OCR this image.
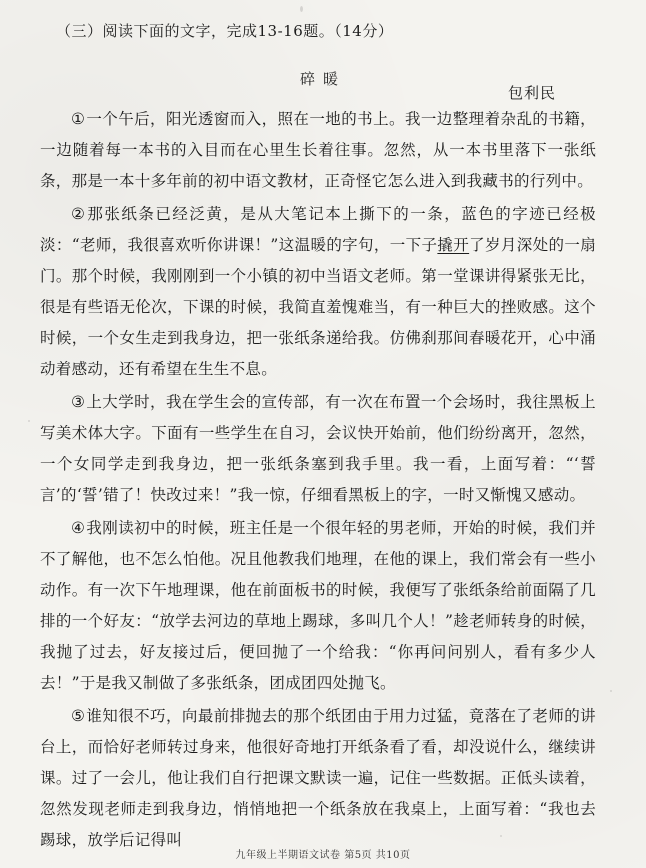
（三）阅读下面的文字，完成13-16题。（14分）
碎暖
包利民

①一个午后，阳光透窗而入，照在一地的书上。我一边整理着杂乱的书籍，一边随着每一本书的入目而在心里生长着往事。忽然，从一本书里落下一张纸条，那是一本十多年前的初中语文教材，正奇怪它怎么进入到我藏书的行列中。

②那张纸条已经泛黄，是从大笔记本上撕下的一条，蓝色的字迹已经极淡：“老师，我很喜欢听你讲课！”这温暖的字句，一下子撬开了岁月深处的一扇门。那个时候，我刚刚到一个小镇的初中当语文老师。第一堂课讲得紧张无比，很是有些语无伦次，下课的时候，我简直羞愧难当，有一种巨大的挫败感。这个时候，一个女生走到我身边，把一张纸条递给我。仿佛刹那间春暖花开，心中涌动着感动，还有希望在生生不息。

③上大学时，我在学生会的宣传部，有一次在布置一个会场时，我往黑板上写美术体大字。下面有一些学生在自习，会议快开始前，他们纷纷离开，忽然，一个女同学走到我身边，把一张纸条塞到我手里。我一看，上面写着：“‘誓言’的‘誓’错了！快改过来！”我一惊，仔细看黑板上的字，一时又惭愧又感动。

④我刚读初中的时候，班主任是一个很年轻的男老师，开始的时候，我们并不了解他，也不怎么怕他。况且他教我们地理，在他的课上，我们常会有一些小动作。有一次下午地理课，他在前面板书的时候，我便写了张纸条给前面隔了几排的一个好友：“放学去河边的草地上踢球，多叫几个人！”趁老师转身的时候，我抛了过去，好友接过后，便回抛了一个给我：“你再问问别人，看有多少人去！”于是我又制做了多张纸条，团成团四处抛飞。

⑤谁知很不巧，向最前排抛去的那个纸团由于用力过猛，竟落在了老师的讲台上，而恰好老师转过身来，他很好奇地打开纸条看了看，却没说什么，继续讲课。过了一会儿，他让我们自行把课文默读一遍，记住一些数据。正低头读着，忽然发现老师走到我身边，悄悄地把一个纸条放在我桌上，上面写着：“我也去踢球，放学后记得叫

九年级上半期语文试卷 第5页 共10页
